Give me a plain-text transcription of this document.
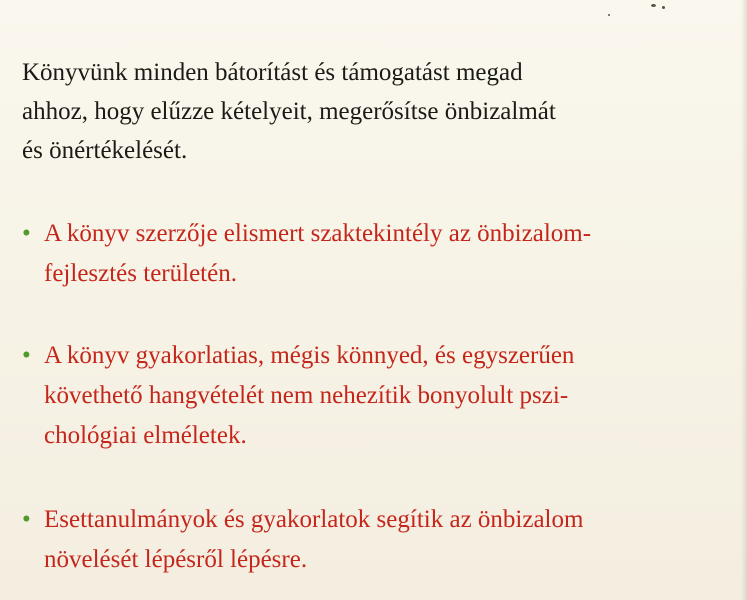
Könyvünk minden bátorítást és támogatást megad
ahhoz, hogy elűzze kételyeit, megerősítse önbizalmát
és önértékelését.

• A könyv szerzője elismert szaktekintély az önbizalom-
fejlesztés területén.
• A könyv gyakorlatias, mégis könnyed, és egyszerűen
követhető hangvételét nem nehezítik bonyolult pszi-
chológiai elméletek.
• Esettanulmányok és gyakorlatok segítik az önbizalom
növelését lépésről lépésre.
